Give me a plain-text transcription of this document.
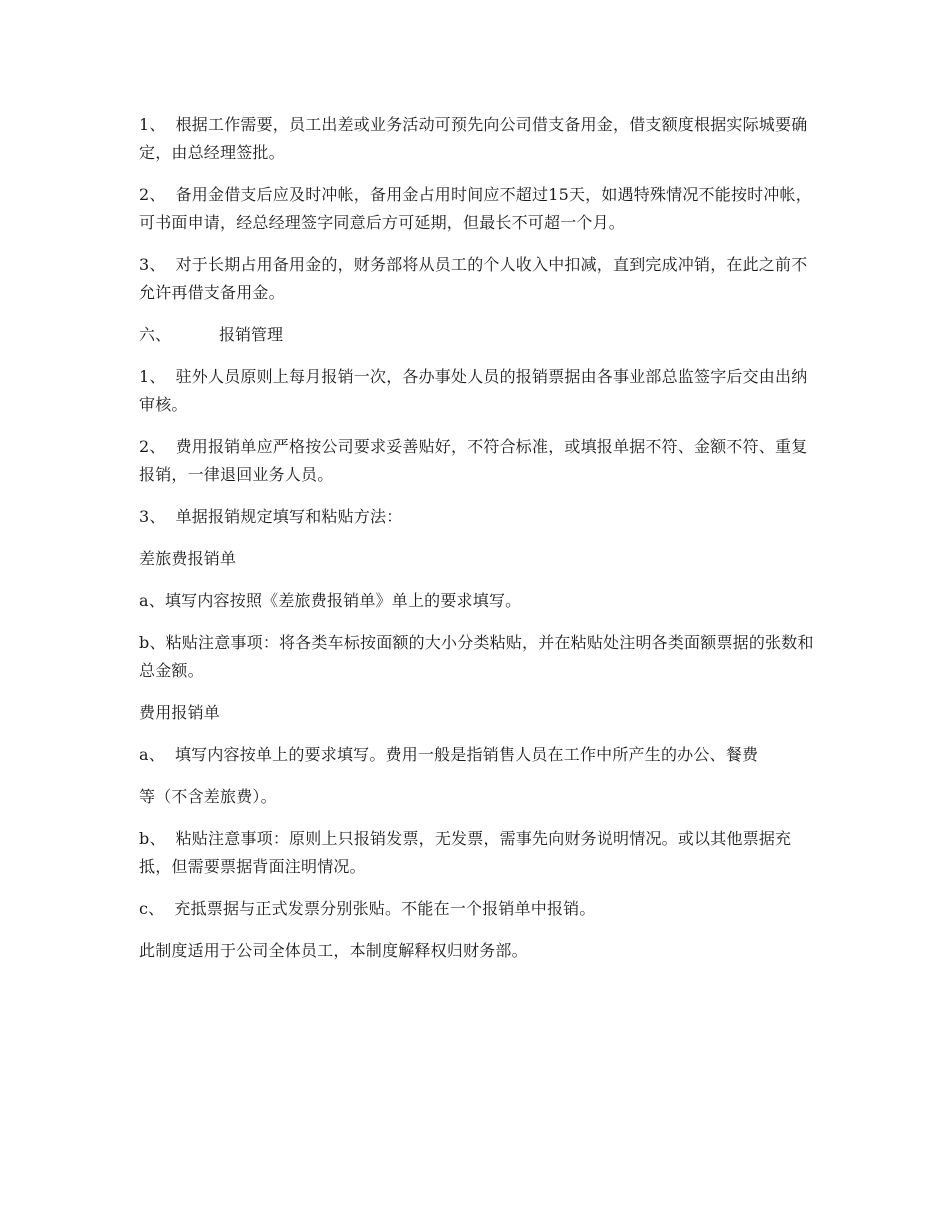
1、 根据工作需要，员工出差或业务活动可预先向公司借支备用金，借支额度根据实际城要确定，由总经理签批。

2、 备用金借支后应及时冲帐，备用金占用时间应不超过15天，如遇特殊情况不能按时冲帐，可书面申请，经总经理签字同意后方可延期，但最长不可超一个月。

3、 对于长期占用备用金的，财务部将从员工的个人收入中扣减，直到完成冲销，在此之前不允许再借支备用金。

六、	报销管理

1、 驻外人员原则上每月报销一次，各办事处人员的报销票据由各事业部总监签字后交由出纳审核。

2、 费用报销单应严格按公司要求妥善贴好，不符合标准，或填报单据不符、金额不符、重复报销，一律退回业务人员。

3、 单据报销规定填写和粘贴方法：

差旅费报销单

a、填写内容按照《差旅费报销单》单上的要求填写。

b、粘贴注意事项：将各类车标按面额的大小分类粘贴，并在粘贴处注明各类面额票据的张数和总金额。

费用报销单

a、 填写内容按单上的要求填写。费用一般是指销售人员在工作中所产生的办公、餐费

等（不含差旅费）。

b、 粘贴注意事项：原则上只报销发票，无发票，需事先向财务说明情况。或以其他票据充抵，但需要票据背面注明情况。

c、 充抵票据与正式发票分别张贴。不能在一个报销单中报销。

此制度适用于公司全体员工，本制度解释权归财务部。
